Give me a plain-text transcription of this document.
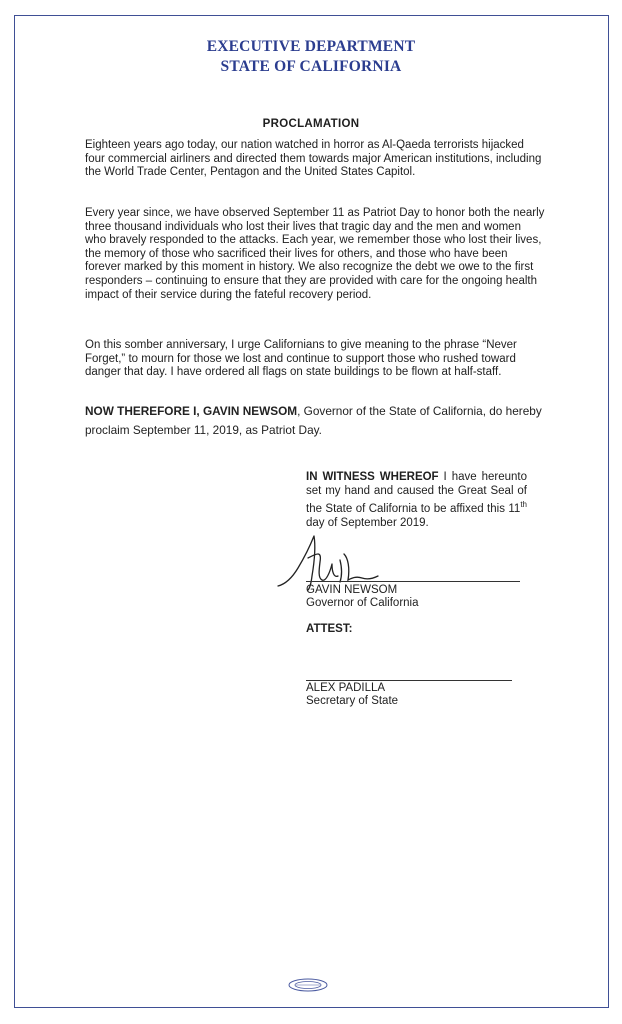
EXECUTIVE DEPARTMENT
STATE OF CALIFORNIA
PROCLAMATION

Eighteen years ago today, our nation watched in horror as Al-Qaeda terrorists hijacked four commercial airliners and directed them towards major American institutions, including the World Trade Center, Pentagon and the United States Capitol.

Every year since, we have observed September 11 as Patriot Day to honor both the nearly three thousand individuals who lost their lives that tragic day and the men and women who bravely responded to the attacks. Each year, we remember those who lost their lives, the memory of those who sacrificed their lives for others, and those who have been forever marked by this moment in history. We also recognize the debt we owe to the first responders – continuing to ensure that they are provided with care for the ongoing health impact of their service during the fateful recovery period.

On this somber anniversary, I urge Californians to give meaning to the phrase “Never Forget,” to mourn for those we lost and continue to support those who rushed toward danger that day. I have ordered all flags on state buildings to be flown at half-staff.

NOW THEREFORE I, GAVIN NEWSOM, Governor of the State of California, do hereby proclaim September 11, 2019, as Patriot Day.

IN WITNESS WHEREOF I have hereunto set my hand and caused the Great Seal of the State of California to be affixed this 11th day of September 2019.

GAVIN NEWSOM
Governor of California
ATTEST:
ALEX PADILLA
Secretary of State
